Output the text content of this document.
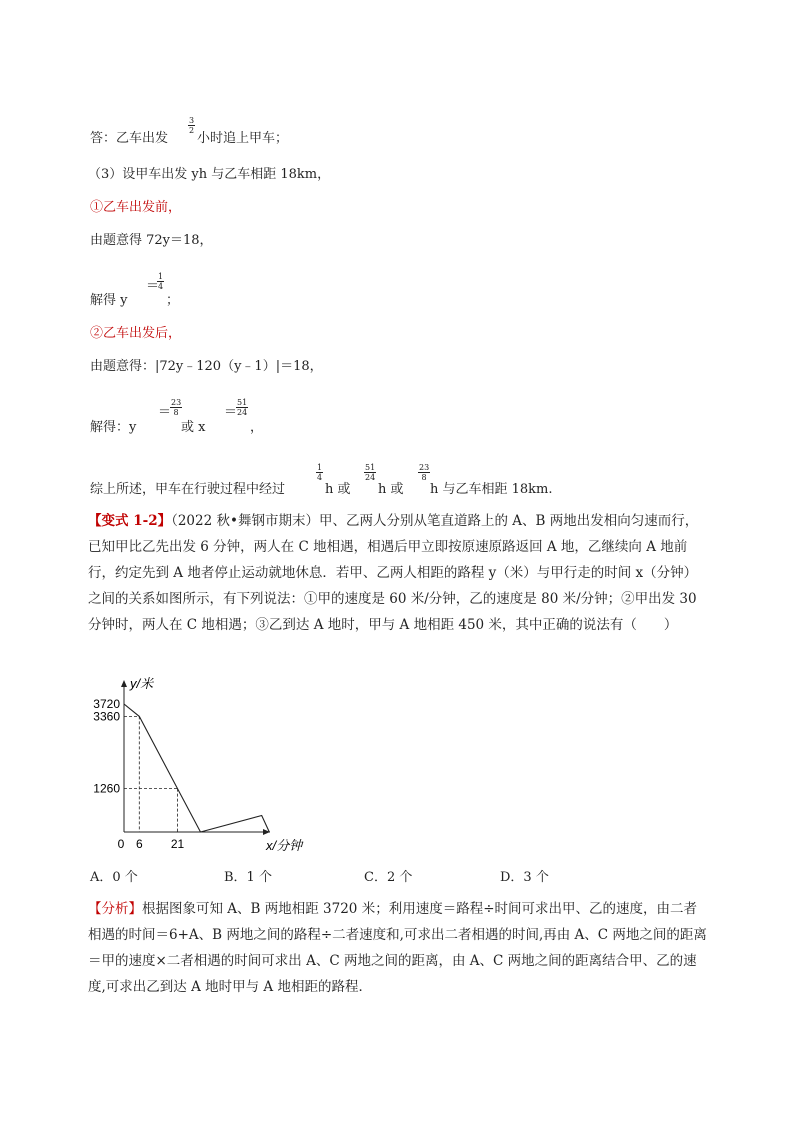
答：乙车出发
$\frac{3}{2}$
小时追上甲车；
（3）设甲车出发 yh 与乙车相距 18km，
①乙车出发前，
由题意得 72y＝18，
解得 y
＝
$\frac{1}{4}$
；
②乙车出发后，
由题意得：|72y﹣120（y﹣1）|＝18，
解得：y
＝
$\frac{23}{8}$
或 x
＝
$\frac{51}{24}$
，
综上所述，甲车在行驶过程中经过
$\frac{1}{4}$
h 或
$\frac{51}{24}$
h 或
$\frac{23}{8}$
h 与乙车相距 18km.
【变式 1-2】（2022 秋•舞钢市期末）甲、乙两人分别从笔直道路上的 A、B 两地出发相向匀速而行，已知甲比乙先出发 6 分钟，两人在 C 地相遇，相遇后甲立即按原速原路返回 A 地，乙继续向 A 地前行，约定先到 A 地者停止运动就地休息．若甲、乙两人相距的路程 y（米）与甲行走的时间 x（分钟）之间的关系如图所示，有下列说法：①甲的速度是 60 米/分钟，乙的速度是 80 米/分钟；②甲出发 30 分钟时，两人在 C 地相遇；③乙到达 A 地时，甲与 A 地相距 450 米，其中正确的说法有（　　）
y/米
x/分钟
3720
3360
1260
0 6 21
A．0 个	B．1 个	C．2 个	D．3 个
【分析】根据图象可知 A、B 两地相距 3720 米；利用速度＝路程÷时间可求出甲、乙的速度，由二者相遇的时间＝6+A、B 两地之间的路程÷二者速度和,可求出二者相遇的时间,再由 A、C 两地之间的距离＝甲的速度×二者相遇的时间可求出 A、C 两地之间的距离，由 A、C 两地之间的距离结合甲、乙的速度,可求出乙到达 A 地时甲与 A 地相距的路程．
